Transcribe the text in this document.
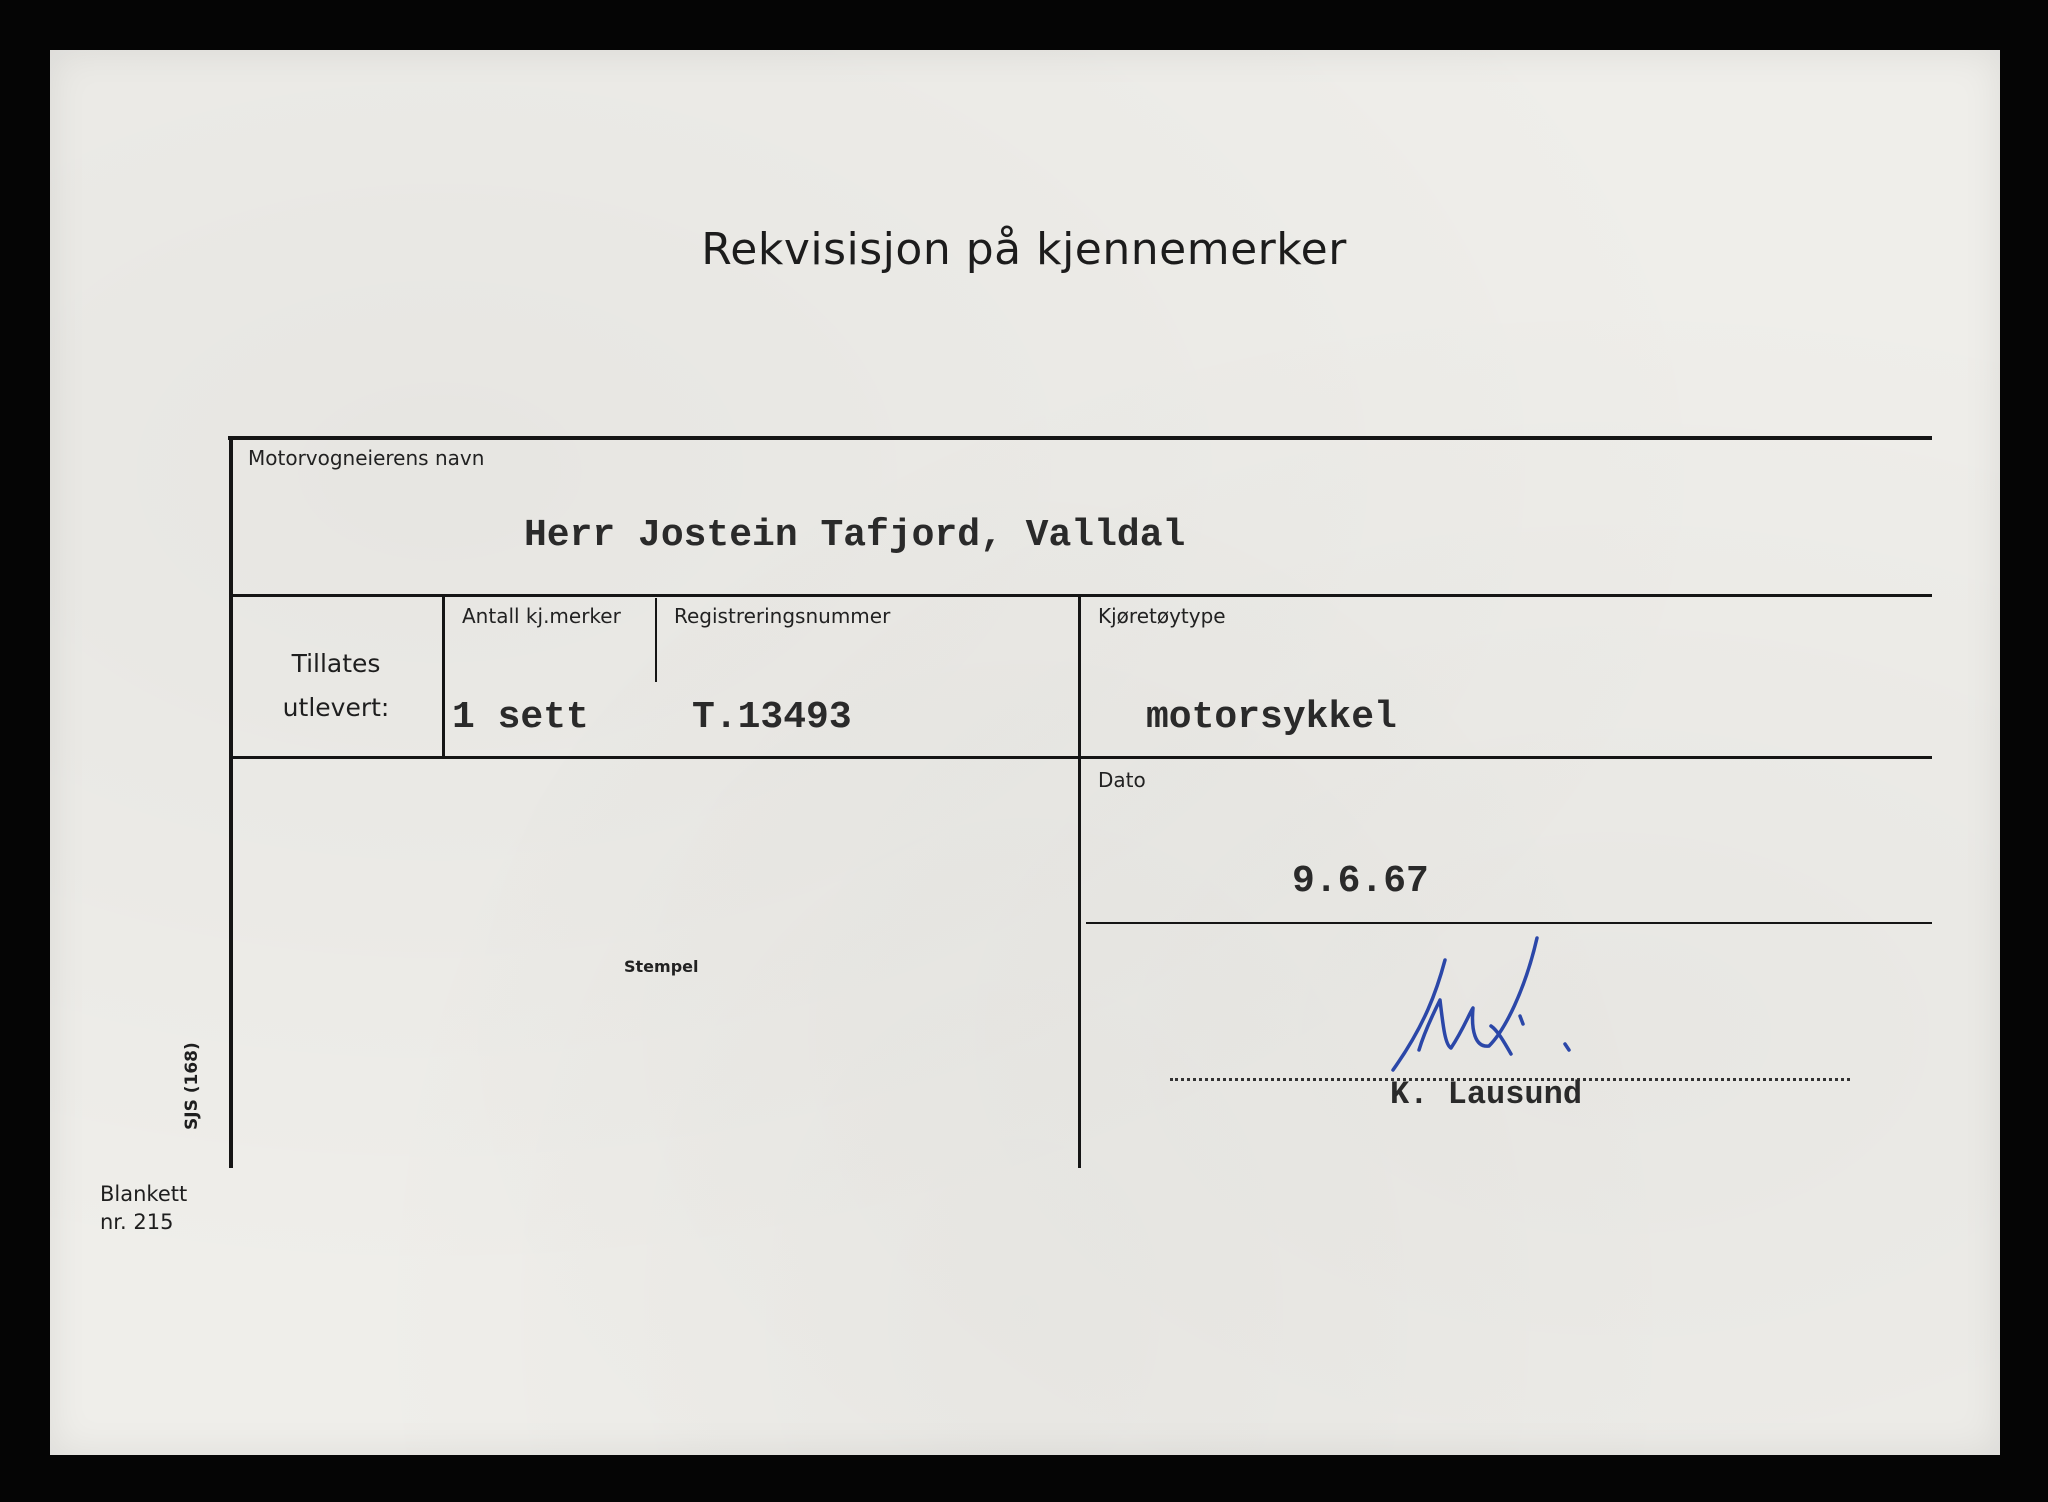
Rekvisisjon på kjennemerker
Motorvogneierens navn
Herr Jostein Tafjord, Valldal
Tillates
utlevert:
Antall kj.merker	Registreringsnummer	Kjøretøytype
1 sett	T.13493	motorsykkel
Dato
9.6.67
Stempel
K. Lausund
SJS (168)
Blankett
nr. 215
